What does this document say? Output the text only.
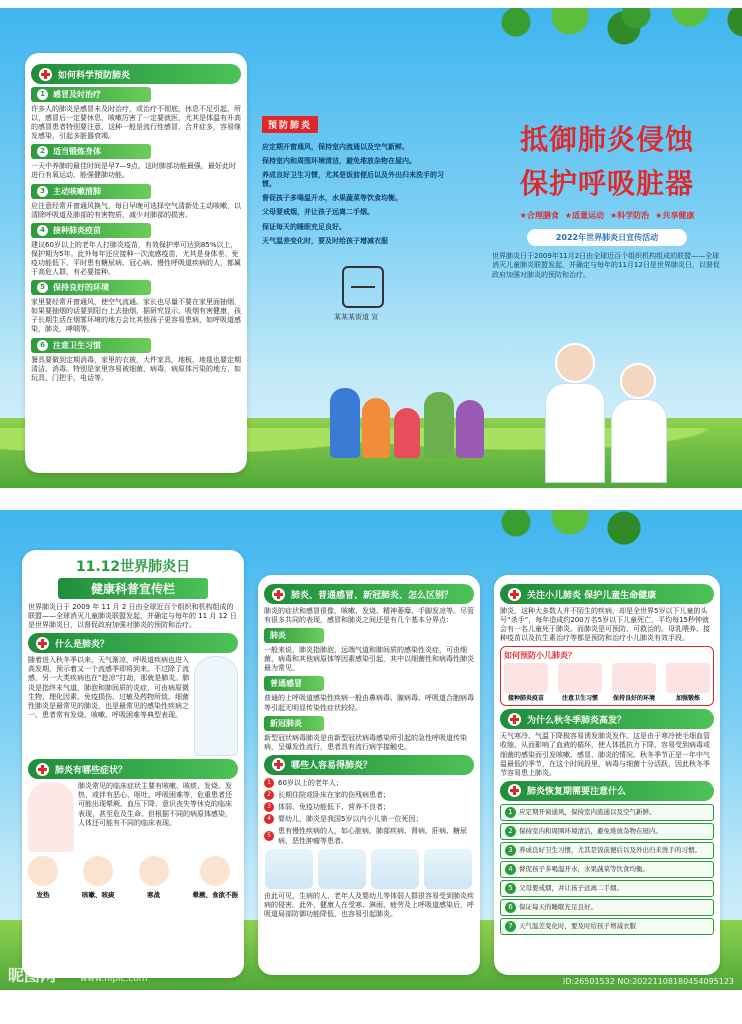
如何科学预防肺炎
1	感冒及时治疗
许多人的肺炎是感冒未及时治疗，或治疗不彻底，休息不足引起，所以，感冒后一定要休息，咳嗽厉害了一定要就医，尤其是体温有升高的感冒患者特别要注意，这种一般是流行性感冒，合并症多，容易继发感染，引起多脏器衰竭。
2	适当锻炼身体
一天中养肺的最佳时间是早7—9点，这时肺部功能最强，最好此时进行有氧运动，能强健肺功能。
3	主动咳嗽清肺
应注意经常开窗通风换气，每日早晚可选择空气清新处主动咳嗽，以清除呼吸道及肺部的有害物质，减少对肺部的损害。
4	接种肺炎疫苗
建议60岁以上的老年人打肺炎疫苗，有效保护率可达到85%以上，保护期为5年。此外每年还应接种一次流感疫苗，尤其是身体差、免疫功能低下、平时患有糖尿病、冠心病、慢性呼吸道疾病的人，都属于高危人群，有必要接种。
5	保持良好的环境
家里要经常开窗通风，使空气流通。家长也尽量不要在家里面抽烟，如果要抽烟的话要到阳台上去抽烟，据研究显示，吸烟有害健康，孩子长期生活在烟雾环境的地方会比其他孩子更容易患病，如呼吸道感染，肺炎，哮喘等。
6	注意卫生习惯
餐具要做到定期消毒，家里的衣被，大件家具，地板，地毯也要定期清洁，消毒。特别是家里容易被细菌，病毒，病原体污染的地方，如玩具，门把手，电话等。
预防肺炎
应定期开窗通风，保持室内流通以及空气新鲜。
保持室内和周围环境清洁，避免堆放杂物在屋内。
养成良好卫生习惯，尤其是饭前便后以及外出归来洗手的习惯。
督促孩子多喝温开水，水果蔬菜等饮食均衡。
父母要戒烟，并让孩子远离二手烟。
保证每天的睡眠充足良好。
天气温差变化时，要及时给孩子增减衣服
某某某街道 宣
抵御肺炎侵蚀
保护呼吸脏器
★合理膳食 ★适量运动 ★科学防治 ★共享健康
2022年世界肺炎日宣传活动
世界肺炎日于2009年11月2日由全球近百个组织机构组成的联盟——全球消灭儿童肺炎联盟发起，并确定与每年的11月12日是世界肺炎日，以督促政府加强对肺炎的预防和治疗。
11.12世界肺炎日
健康科普宣传栏
世界肺炎日于 2009 年 11 月 2 日由全球近百个组织和机构组成的联盟——全球消灭儿童肺炎联盟发起，并确定与每年的 11 月 12 日是世界肺炎日，以督促政府加强对肺炎的预防和治疗。
什么是肺炎？
随着进入秋冬季以来，天气渐凉，呼吸道疾病也进入高发期，预示着又一个流感季即将到来。不过除了流感，另一大类疾病也在“趁凉”打劫，那就是肺炎。肺炎是指终末气道、肺泡和肺间质的炎症，可由病原微生物、理化因素、免疫损伤、过敏及药物所致。细菌性肺炎是最常见的肺炎，也是最常见的感染性疾病之一。患者常有发烧、咳嗽、呼吸困难等典型表现。
肺炎有哪些症状？
肺炎常见的临床症状主要有咳嗽、咳痰、发烧、发热，或伴有恶心、呕吐、呼吸困难等，危重患者还可能出现晕厥、血压下降、意识丧失等休克的临床表现，甚至危及生命。但根据不同的病原体感染，人体还可能有不同的临床表现。
发热	咳嗽、咳痰	寒战	晕厥、食欲不振
肺炎、普通感冒、新冠肺炎、怎么区别？
肺炎的症状和感冒很像，咳嗽、发烧、精神萎靡、手脚发凉等。尽管有很多共同的表现，感冒和肺炎之间还是有几个基本分界点：
肺炎
一般来说，肺炎指肺泡、远端气道和肺间质的感染性炎症，可由细菌、病毒和其他病原体等因素感染引起，其中以细菌性和病毒性肺炎最为常见。
普通感冒
普通的上呼吸道感染性疾病一般由鼻病毒、腺病毒、呼吸道合胞病毒等引起无明显传染性症状较轻。
新冠肺炎
新型冠状病毒肺炎是由新型冠状病毒感染所引起的急性呼吸道传染病，呈爆发性流行，患者具有流行病学接触史。
哪些人容易得肺炎？
1	60岁以上的老年人；
2	长期住院或卧床在家的伤残病患者；
3	体弱、免疫功能低下、营养不良者；
4	婴幼儿，肺炎是我国5岁以内小儿第一位死因；
5
患有慢性疾病的人，如心脏病、肺部疾病、肾病、肝病、糖尿病、恶性肿瘤等患者。
由此可见，生病的人、老年人及婴幼儿等体弱人群很容易受到肺炎疾病的侵害。此外，健康人在受寒、淋雨、疲劳及上呼吸道感染后，呼吸道局部防御功能降低，也容易引起肺炎。
关注小儿肺炎 保护儿童生命健康
肺炎，这种大多数人并不陌生的疾病，却是全世界5岁以下儿童的头号“杀手”，每年造成约200万名5岁以下儿童死亡，平均每15秒钟就会有一名儿童死于肺炎。而肺炎是可预防、可救治的。母乳喂养、接种疫苗以及抗生素治疗等都是预防和治疗小儿肺炎有效手段。
如何预防小儿肺炎？
接种肺炎疫苗	注意卫生习惯	保持良好的环境	加强锻炼
为什么秋冬季肺炎高发？
天气寒冷、气温下降极容易诱发肺炎发作。这是由于寒冷使毛细血管收缩，从而影响了血液的循环，使人体抵抗力下降，容易受到病毒或细菌的感染而引发咳嗽、感冒、肺炎的情况。秋冬季节正是一年中气温最低的季节，在这个时间段里，病毒与细菌十分活跃，因此秋冬季节容易患上肺炎。
肺炎恢复期需要注意什么
1 应定期开窗通风，保持室内流通以及空气新鲜。
2 保持室内和周围环境清洁，避免堆放杂物在屋内。
3 养成良好卫生习惯，尤其是饭前便后以及外出归来洗手的习惯。
4 督促孩子多喝温开水，水果蔬菜等饮食均衡。
5 父母要戒烟，并让孩子远离二手烟。
6 保证每天的睡眠充足良好。
7 天气温差变化时，要及时给孩子增减衣服
昵图网	www.nipic.com	ID:26501532 NO:20221108180454095123
